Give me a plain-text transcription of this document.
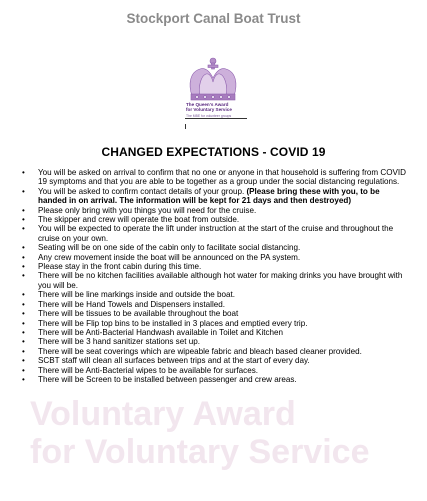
Stockport Canal Boat Trust
The Queen's Award
for Voluntary Service
The MBE for volunteer groups
CHANGED EXPECTATIONS - COVID 19
Voluntary Award
for Voluntary Service
• You will be asked on arrival to confirm that no one or anyone in that household is suffering from COVID 19 symptoms and that you are able to be together as a group under the social distancing regulations.
• You will be asked to confirm contact details of your group. (Please bring these with you, to be handed in on arrival. The information will be kept for 21 days and then destroyed)
• Please only bring with you things you will need for the cruise.
• The skipper and crew will operate the boat from outside.
• You will be expected to operate the lift under instruction at the start of the cruise and throughout the cruise on your own.
• Seating will be on one side of the cabin only to facilitate social distancing.
• Any crew movement inside the boat will be announced on the PA system.
• Please stay in the front cabin during this time.
• There will be no kitchen facilities available although hot water for making drinks you have brought with you will be.
• There will be line markings inside and outside the boat.
• There will be Hand Towels and Dispensers installed.
• There will be tissues to be available throughout the boat
• There will be Flip top bins to be installed in 3 places and emptied every trip.
• There will be Anti-Bacterial Handwash available in Toilet and Kitchen
• There will be 3 hand sanitizer stations set up.
• There will be seat coverings which are wipeable fabric and bleach based cleaner provided.
• SCBT staff will clean all surfaces between trips and at the start of every day.
• There will be Anti-Bacterial wipes to be available for surfaces.
• There will be Screen to be installed between passenger and crew areas.
